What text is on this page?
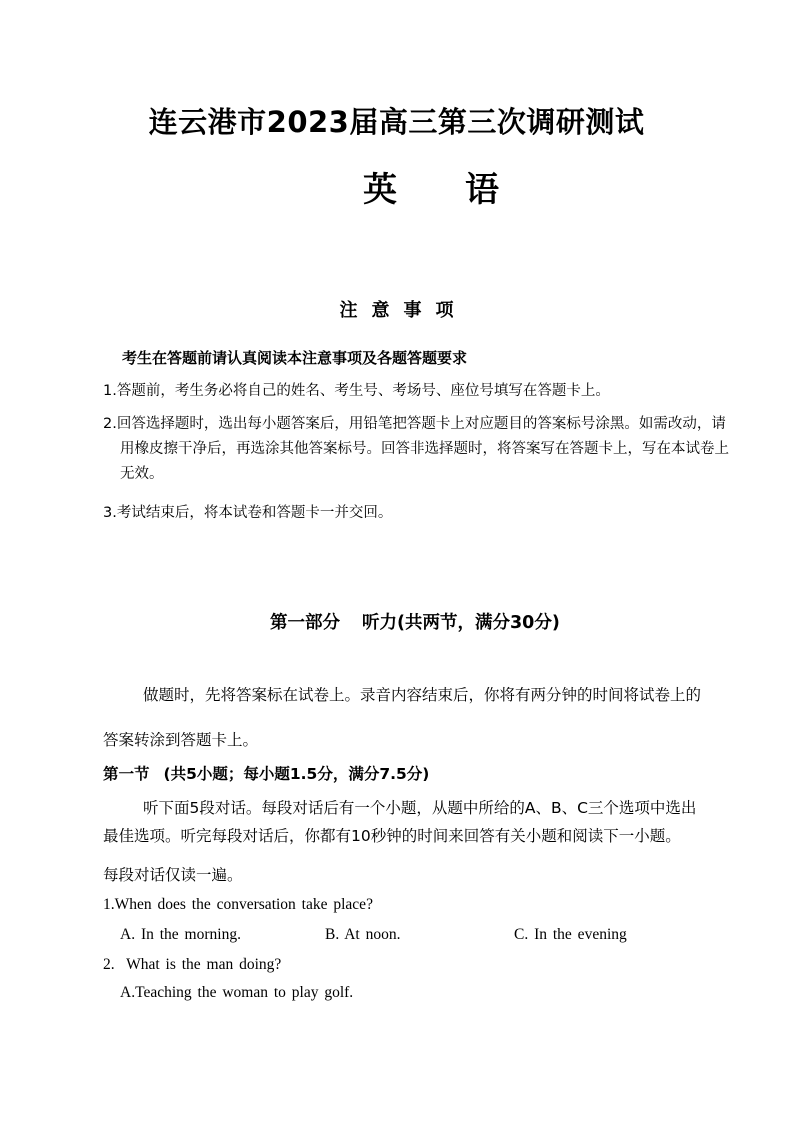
连云港市2023届高三第三次调研测试
英语
注意事项
考生在答题前请认真阅读本注意事项及各题答题要求
1.答题前，考生务必将自己的姓名、考生号、考场号、座位号填写在答题卡上。
2.回答选择题时，选出每小题答案后，用铅笔把答题卡上对应题目的答案标号涂黑。如需改动，请
用橡皮擦干净后，再选涂其他答案标号。回答非选择题时，将答案写在答题卡上，写在本试卷上
无效。
3.考试结束后，将本试卷和答题卡一并交回。
第一部分 听力(共两节，满分30分)
做题时，先将答案标在试卷上。录音内容结束后，你将有两分钟的时间将试卷上的
答案转涂到答题卡上。
第一节 (共5小题；每小题1.5分，满分7.5分)
听下面5段对话。每段对话后有一个小题，从题中所给的A、B、C三个选项中选出
最佳选项。听完每段对话后，你都有10秒钟的时间来回答有关小题和阅读下一小题。
每段对话仅读一遍。
1.When does the conversation take place?
A. In the morning.	B. At noon.	C. In the evening
2.  What is the man doing?
A.Teaching the woman to play golf.
